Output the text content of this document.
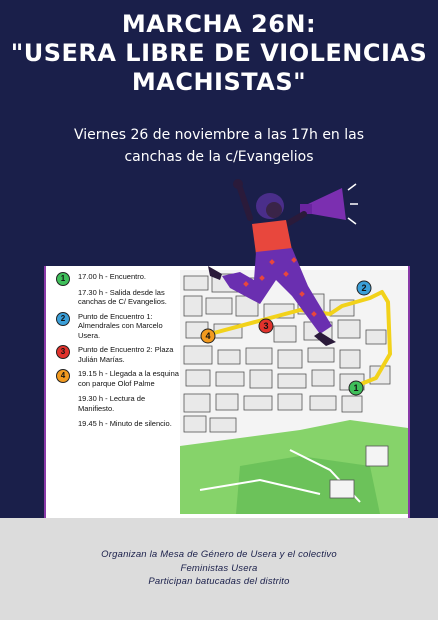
MARCHA 26N:
"USERA LIBRE DE VIOLENCIAS
MACHISTAS"
Viernes 26 de noviembre a las 17h en las
canchas de la c/Evangelios
1	17.00 h - Encuentro.
17.30 h - Salida desde las canchas de C/ Evangelios.
2	Punto de Encuentro 1: Almendrales con Marcelo Usera.
3	Punto de Encuentro 2: Plaza Julián Marías.
4	19.15 h - Llegada a la esquina con parque Olof Palme
19.30 h - Lectura de Manifiesto.
19.45 h - Minuto de silencio.
1
2
3
4
Organizan la Mesa de Género de Usera y el colectivo
Feministas Usera
Participan batucadas del distrito
